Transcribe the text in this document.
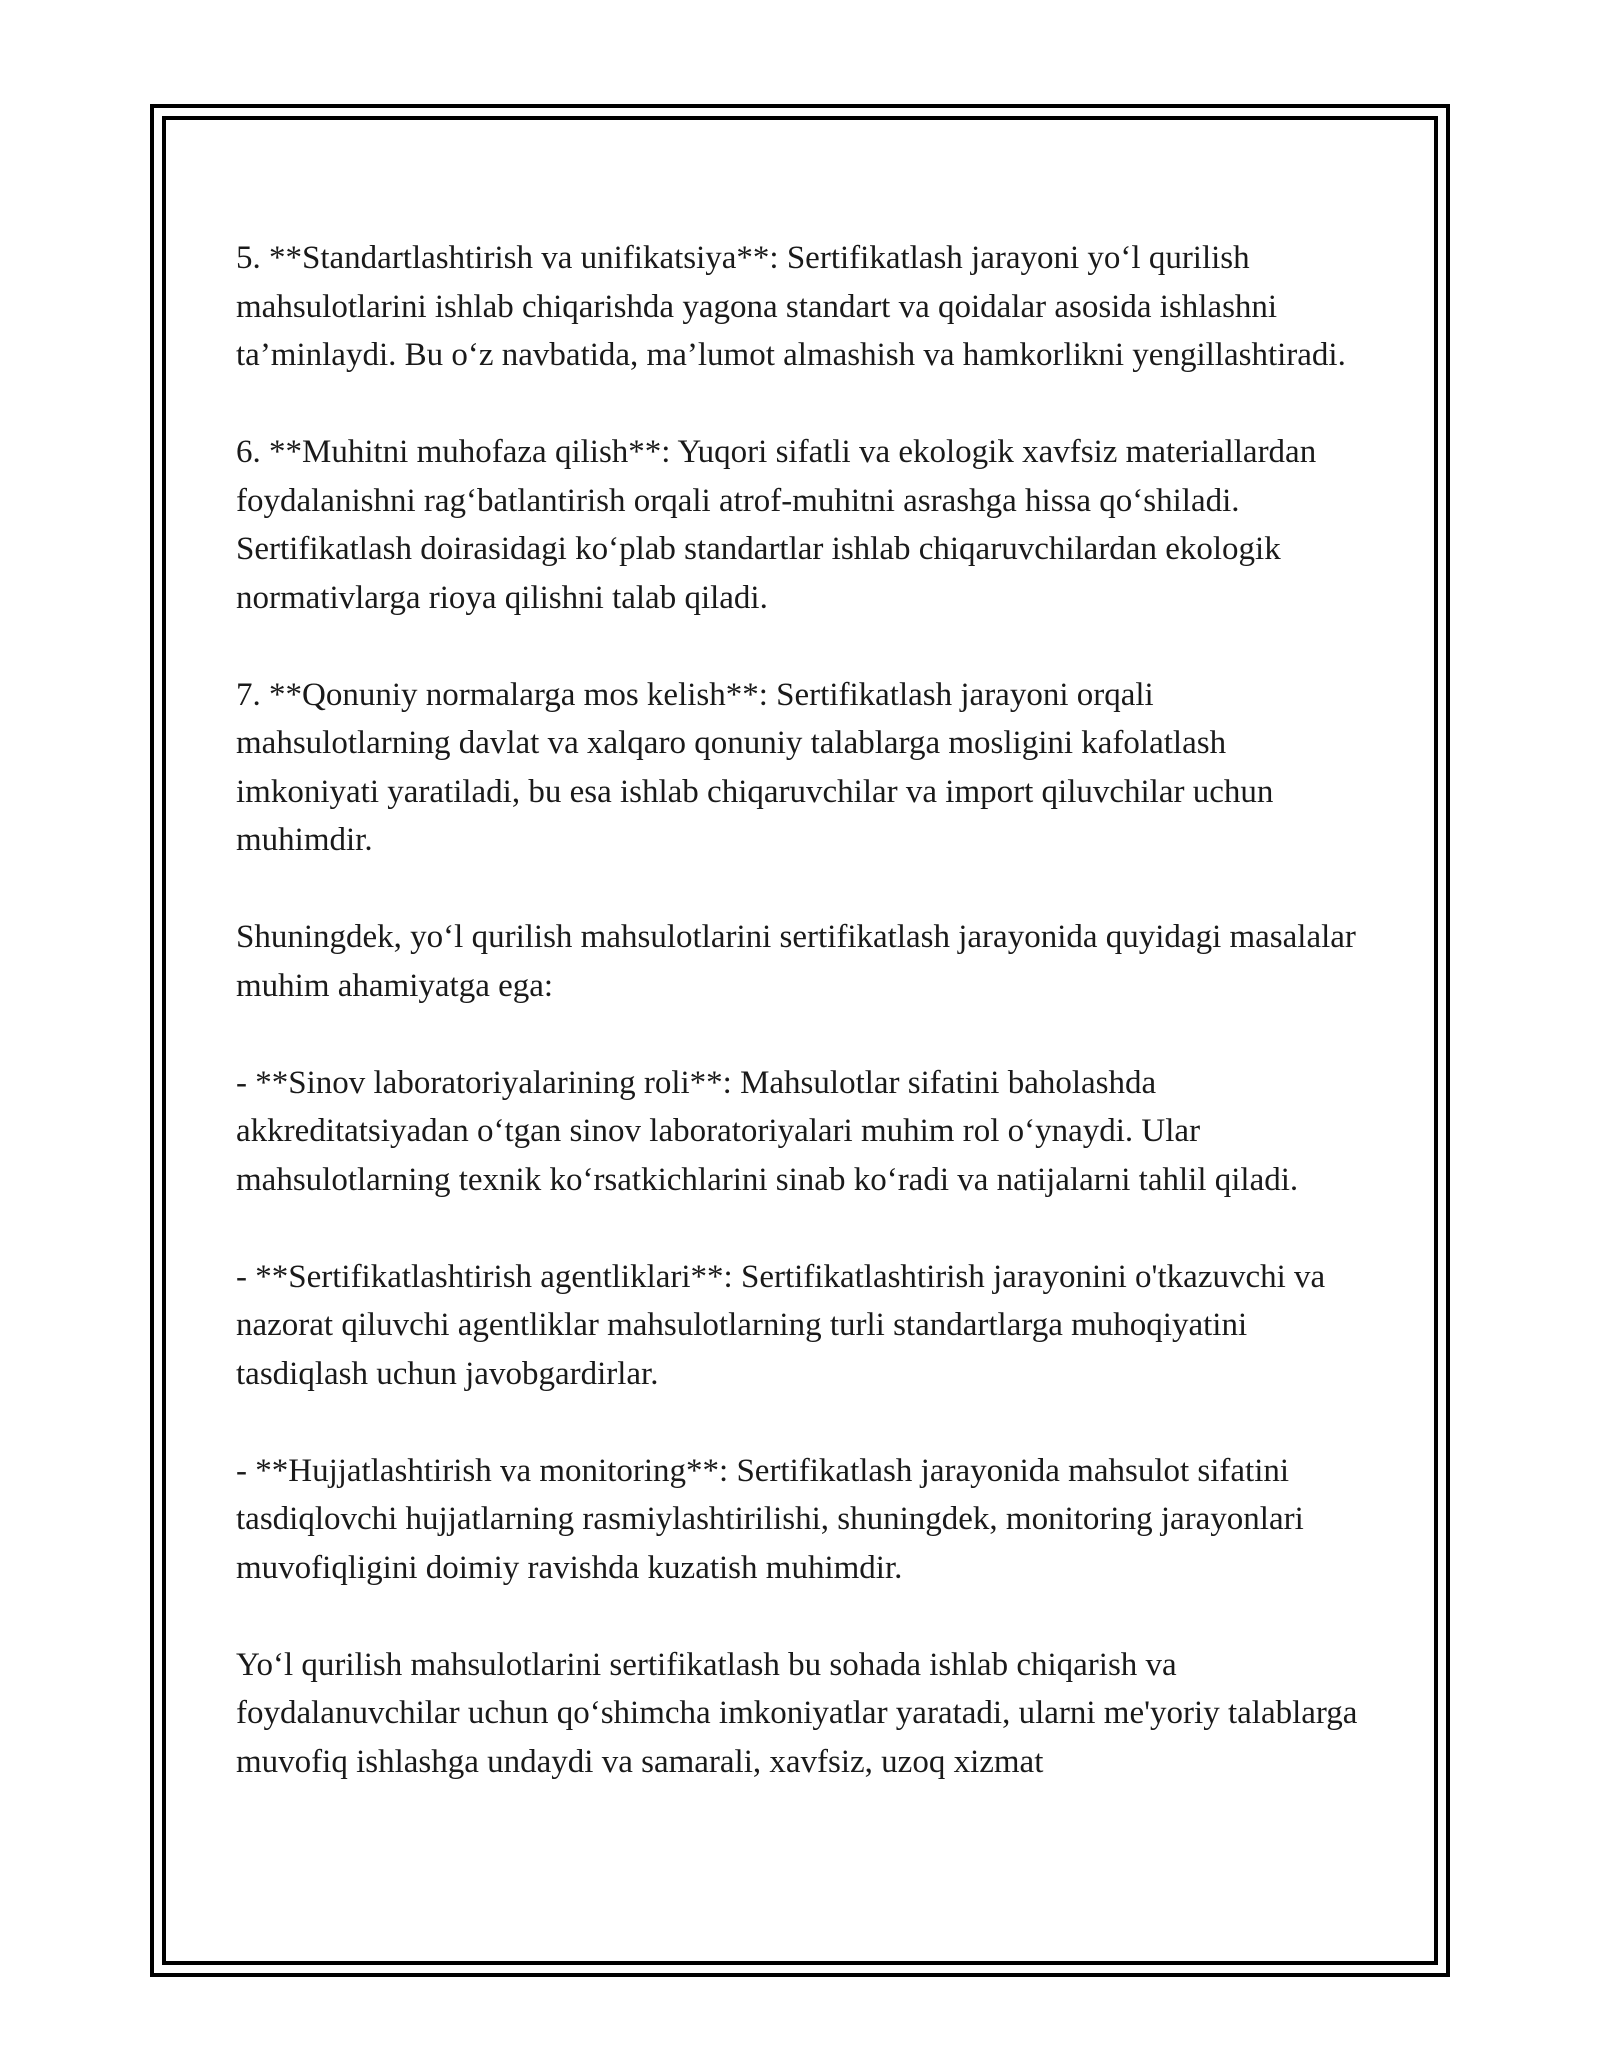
5. **Standartlashtirish va unifikatsiya**: Sertifikatlash jarayoni yo‘l qurilish mahsulotlarini ishlab chiqarishda yagona standart va qoidalar asosida ishlashni ta’minlaydi. Bu o‘z navbatida, ma’lumot almashish va hamkorlikni yengillashtiradi.

6. **Muhitni muhofaza qilish**: Yuqori sifatli va ekologik xavfsiz materiallardan foydalanishni rag‘batlantirish orqali atrof-muhitni asrashga hissa qo‘shiladi. Sertifikatlash doirasidagi ko‘plab standartlar ishlab chiqaruvchilardan ekologik normativlarga rioya qilishni talab qiladi.

7. **Qonuniy normalarga mos kelish**: Sertifikatlash jarayoni orqali mahsulotlarning davlat va xalqaro qonuniy talablarga mosligini kafolatlash imkoniyati yaratiladi, bu esa ishlab chiqaruvchilar va import qiluvchilar uchun muhimdir.

Shuningdek, yo‘l qurilish mahsulotlarini sertifikatlash jarayonida quyidagi masalalar muhim ahamiyatga ega:

- **Sinov laboratoriyalarining roli**: Mahsulotlar sifatini baholashda akkreditatsiyadan o‘tgan sinov laboratoriyalari muhim rol o‘ynaydi. Ular mahsulotlarning texnik ko‘rsatkichlarini sinab ko‘radi va natijalarni tahlil qiladi.

- **Sertifikatlashtirish agentliklari**: Sertifikatlashtirish jarayonini o'tkazuvchi va nazorat qiluvchi agentliklar mahsulotlarning turli standartlarga muhoqiyatini tasdiqlash uchun javobgardirlar.

- **Hujjatlashtirish va monitoring**: Sertifikatlash jarayonida mahsulot sifatini tasdiqlovchi hujjatlarning rasmiylashtirilishi, shuningdek, monitoring jarayonlari muvofiqligini doimiy ravishda kuzatish muhimdir.

Yo‘l qurilish mahsulotlarini sertifikatlash bu sohada ishlab chiqarish va foydalanuvchilar uchun qo‘shimcha imkoniyatlar yaratadi, ularni me'yoriy talablarga muvofiq ishlashga undaydi va samarali, xavfsiz, uzoq xizmat
